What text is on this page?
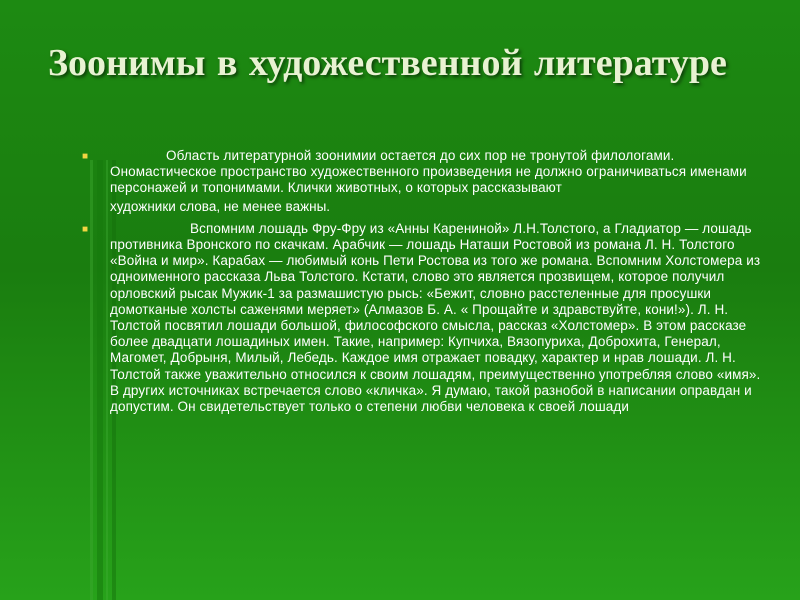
Зоонимы в художественной литературе
■	Область литературной зоонимии остается до сих пор не тронутой филологами. Ономастическое пространство художественного произведения не должно ограничиваться именами персонажей и топонимами. Клички животных, о которых рассказывают

художники слова, не менее важны.

■	Вспомним лошадь Фру-Фру из «Анны Карениной» Л.Н.Толстого, а Гладиатор — лошадь противника Вронского по скачкам. Арабчик — лошадь Наташи Ростовой из романа Л. Н. Толстого «Война и мир». Карабах — любимый конь Пети Ростова из того же романа. Вспомним Холстомера из одноименного рассказа Льва Толстого. Кстати, слово это является прозвищем, которое получил орловский рысак Мужик-1 за размашистую рысь: «Бежит, словно расстеленные для просушки домотканые холсты саженями меряет» (Алмазов Б. А. « Прощайте и здравствуйте, кони!»). Л. Н. Толстой посвятил лошади большой, философского смысла, рассказ «Холстомер». В этом рассказе более двадцати лошадиных имен. Такие, например: Купчиха, Вязопуриха, Доброхита, Генерал, Магомет, Добрыня, Милый, Лебедь. Каждое имя отражает повадку, характер и нрав лошади. Л. Н. Толстой также уважительно относился к своим лошадям, преимущественно употребляя слово «имя». В других источниках встречается слово «кличка». Я думаю, такой разнобой в написании оправдан и допустим. Он свидетельствует только о степени любви человека к своей лошади
